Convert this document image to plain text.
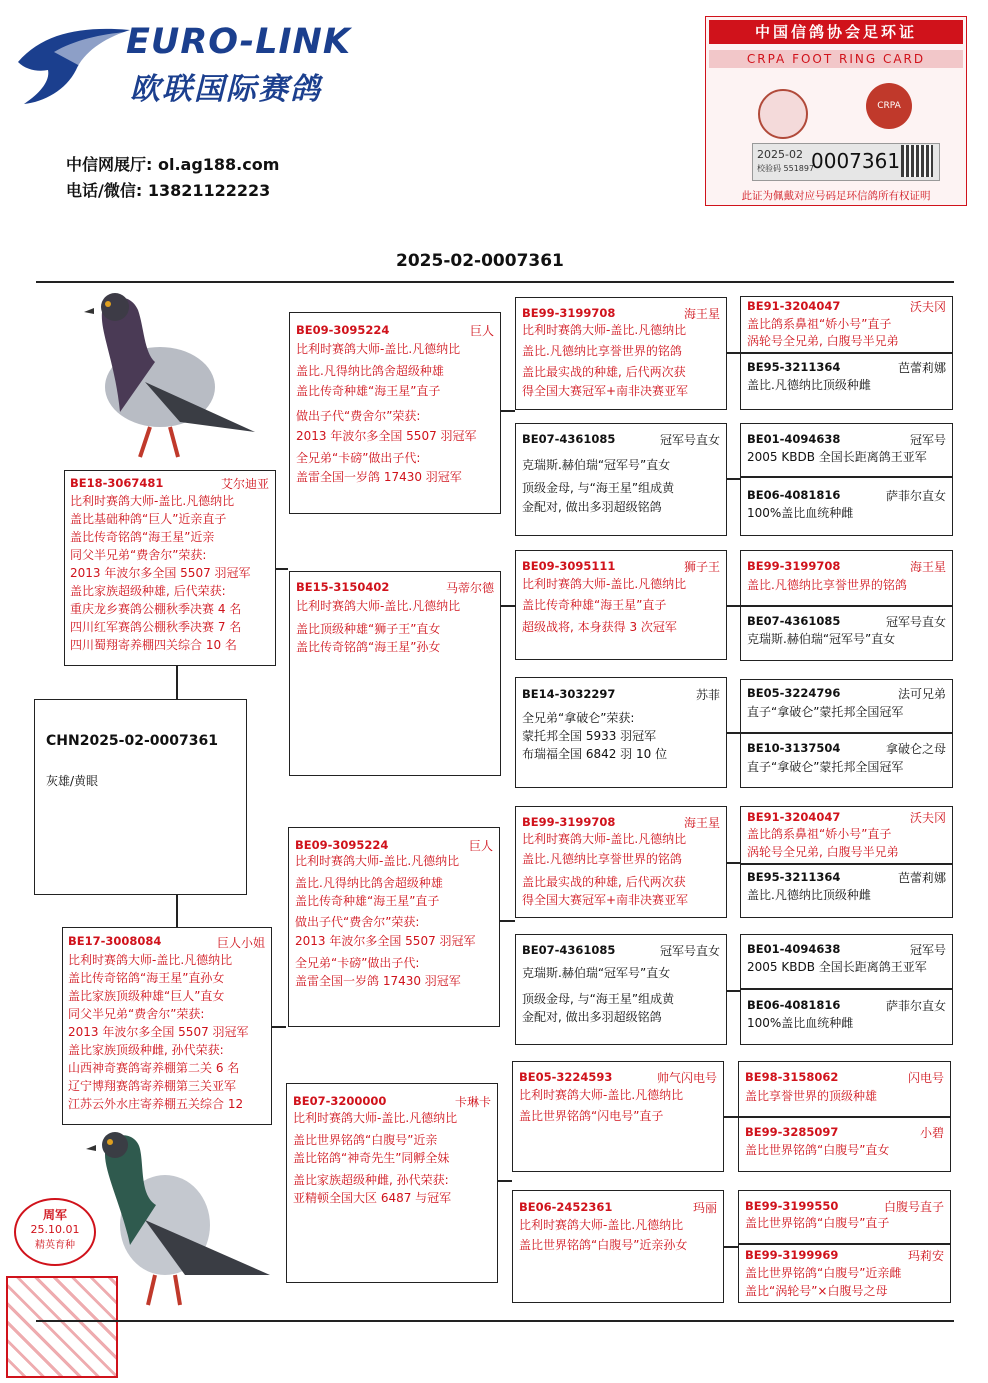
EURO-LINK
欧联国际赛鸽
中信网展厅: ol.ag188.com
电话/微信: 13821122223
中国信鸽协会足环证
CRPA FOOT RING CARD
CRPA
2025-02
校验码 551897
0007361
此证为佩戴对应号码足环信鸽所有权证明
2025-02-0007361
周军
25.10.01
精英育种
CHN2025-02-0007361
灰雄/黄眼
BE18-3067481	艾尔迪亚
比利时赛鸽大师-盖比.凡德纳比
盖比基础种鸽“巨人”近亲直子
盖比传奇铭鸽“海王星”近亲
同父半兄弟“费舍尔”荣获:
2013 年波尔多全国 5507 羽冠军
盖比家族超级种雄, 后代荣获:
重庆龙乡赛鸽公棚秋季决赛 4 名
四川红军赛鸽公棚秋季决赛 7 名
四川蜀翔寄养棚四关综合 10 名
BE17-3008084	巨人小姐
比利时赛鸽大师-盖比.凡德纳比
盖比传奇铭鸽“海王星”直孙女
盖比家族顶级种雄“巨人”直女
同父半兄弟“费舍尔”荣获:
2013 年波尔多全国 5507 羽冠军
盖比家族顶级种雌, 孙代荣获:
山西神奇赛鸽寄养棚第二关 6 名
辽宁博翔赛鸽寄养棚第三关亚军
江苏云外水庄寄养棚五关综合 12
BE09-3095224	巨人
比利时赛鸽大师-盖比.凡德纳比
盖比.凡得纳比鸽舍超级种雄
盖比传奇种雄“海王星”直子
做出子代“费舍尔”荣获:
2013 年波尔多全国 5507 羽冠军
全兄弟“卡磅”做出子代:
盖雷全国一岁鸽 17430 羽冠军
BE15-3150402	马蒂尔德
比利时赛鸽大师-盖比.凡德纳比
盖比顶级种雄“狮子王”直女
盖比传奇铭鸽“海王星”孙女
BE09-3095224	巨人
比利时赛鸽大师-盖比.凡德纳比
盖比.凡得纳比鸽舍超级种雄
盖比传奇种雄“海王星”直子
做出子代“费舍尔”荣获:
2013 年波尔多全国 5507 羽冠军
全兄弟“卡磅”做出子代:
盖雷全国一岁鸽 17430 羽冠军
BE07-3200000	卡琳卡
比利时赛鸽大师-盖比.凡德纳比
盖比世界铭鸽“白腹号”近亲
盖比铭鸽“神奇先生”同孵全妹
盖比家族超级种雌, 孙代荣获:
亚精顿全国大区 6487 与冠军
BE99-3199708	海王星
比利时赛鸽大师-盖比.凡德纳比
盖比.凡德纳比享誉世界的铭鸽
盖比最实战的种雄, 后代两次获
得全国大赛冠军+南非决赛亚军
BE07-4361085	冠军号直女
克瑞斯.赫伯瑞“冠军号”直女
顶级金母, 与“海王星”组成黄
金配对, 做出多羽超级铭鸽
BE09-3095111	狮子王
比利时赛鸽大师-盖比.凡德纳比
盖比传奇种雄“海王星”直子
超级战将, 本身获得 3 次冠军
BE14-3032297	苏菲
全兄弟“拿破仑”荣获:
蒙托邦全国 5933 羽冠军
布瑞福全国 6842 羽 10 位
BE99-3199708	海王星
比利时赛鸽大师-盖比.凡德纳比
盖比.凡德纳比享誉世界的铭鸽
盖比最实战的种雄, 后代两次获
得全国大赛冠军+南非决赛亚军
BE07-4361085	冠军号直女
克瑞斯.赫伯瑞“冠军号”直女
顶级金母, 与“海王星”组成黄
金配对, 做出多羽超级铭鸽
BE05-3224593	帅气闪电号
比利时赛鸽大师-盖比.凡德纳比
盖比世界铭鸽“闪电号”直子
BE06-2452361	玛丽
比利时赛鸽大师-盖比.凡德纳比
盖比世界铭鸽“白腹号”近亲孙女
BE91-3204047	沃夫冈
盖比鸽系鼻祖“娇小号”直子
涡轮号全兄弟, 白腹号半兄弟
BE95-3211364	芭蕾莉娜
盖比.凡德纳比顶级种雌
BE01-4094638	冠军号
2005 KBDB 全国长距离鸽王亚军
BE06-4081816	萨菲尔直女
100%盖比血统种雌
BE99-3199708	海王星
盖比.凡德纳比享誉世界的铭鸽
BE07-4361085	冠军号直女
克瑞斯.赫伯瑞“冠军号”直女
BE05-3224796	法可兄弟
直子“拿破仑”蒙托邦全国冠军
BE10-3137504	拿破仑之母
直子“拿破仑”蒙托邦全国冠军
BE91-3204047	沃夫冈
盖比鸽系鼻祖“娇小号”直子
涡轮号全兄弟, 白腹号半兄弟
BE95-3211364	芭蕾莉娜
盖比.凡德纳比顶级种雌
BE01-4094638	冠军号
2005 KBDB 全国长距离鸽王亚军
BE06-4081816	萨菲尔直女
100%盖比血统种雌
BE98-3158062	闪电号
盖比享誉世界的顶级种雄
BE99-3285097	小碧
盖比世界铭鸽“白腹号”直女
BE99-3199550	白腹号直子
盖比世界铭鸽“白腹号”直子
BE99-3199969	玛莉安
盖比世界铭鸽“白腹号”近亲雌
盖比“涡轮号”×白腹号之母
